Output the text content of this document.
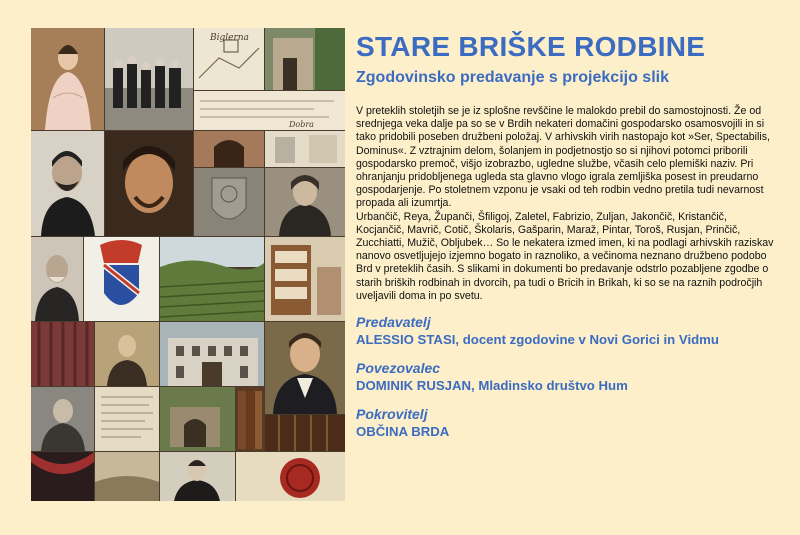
Biglerna
Dobra
STARE BRIŠKE RODBINE
Zgodovinsko predavanje s projekcijo slik

V preteklih stoletjih se je iz splošne revščine le malokdo prebil do samostojnosti. Že od srednjega veka dalje pa so se v Brdih nekateri domačini gospodarsko osamosvojili in si tako pridobili poseben družbeni položaj. V arhivskih virih nastopajo kot »Ser, Spectabilis, Dominus«. Z vztrajnim delom, šolanjem in podjetnostjo so si njihovi potomci priborili gospodarsko premoč, višjo izobrazbo, ugledne službe, včasih celo plemiški naziv. Pri ohranjanju pridobljenega ugleda sta glavno vlogo igrala zemljiška posest in preudarno gospodarjenje. Po stoletnem vzponu je vsaki od teh rodbin vedno pretila tudi nevarnost propada ali izumrtja.

Urbančič, Reya, Županči, Šfiligoj, Zaletel, Fabrizio, Zuljan, Jakončič, Kristančič, Kocjančič, Mavrič, Cotič, Školaris, Gašparin, Maraž, Pintar, Toroš, Rusjan, Prinčič, Zucchiatti, Mužič, Obljubek… So le nekatera izmed imen, ki na podlagi arhivskih raziskav nanovo osvetljujejo izjemno bogato in raznoliko, a večinoma neznano družbeno podobo Brd v preteklih časih. S slikami in dokumenti bo predavanje odstrlo pozabljene zgodbe o starih briških rodbinah in dvorcih, pa tudi o Bricih in Brikah, ki so se na raznih področjih uveljavili doma in po svetu.

Predavatelj
ALESSIO STASI, docent zgodovine v Novi Gorici in Vidmu
Povezovalec
DOMINIK RUSJAN, Mladinsko društvo Hum
Pokrovitelj
OBČINA BRDA
